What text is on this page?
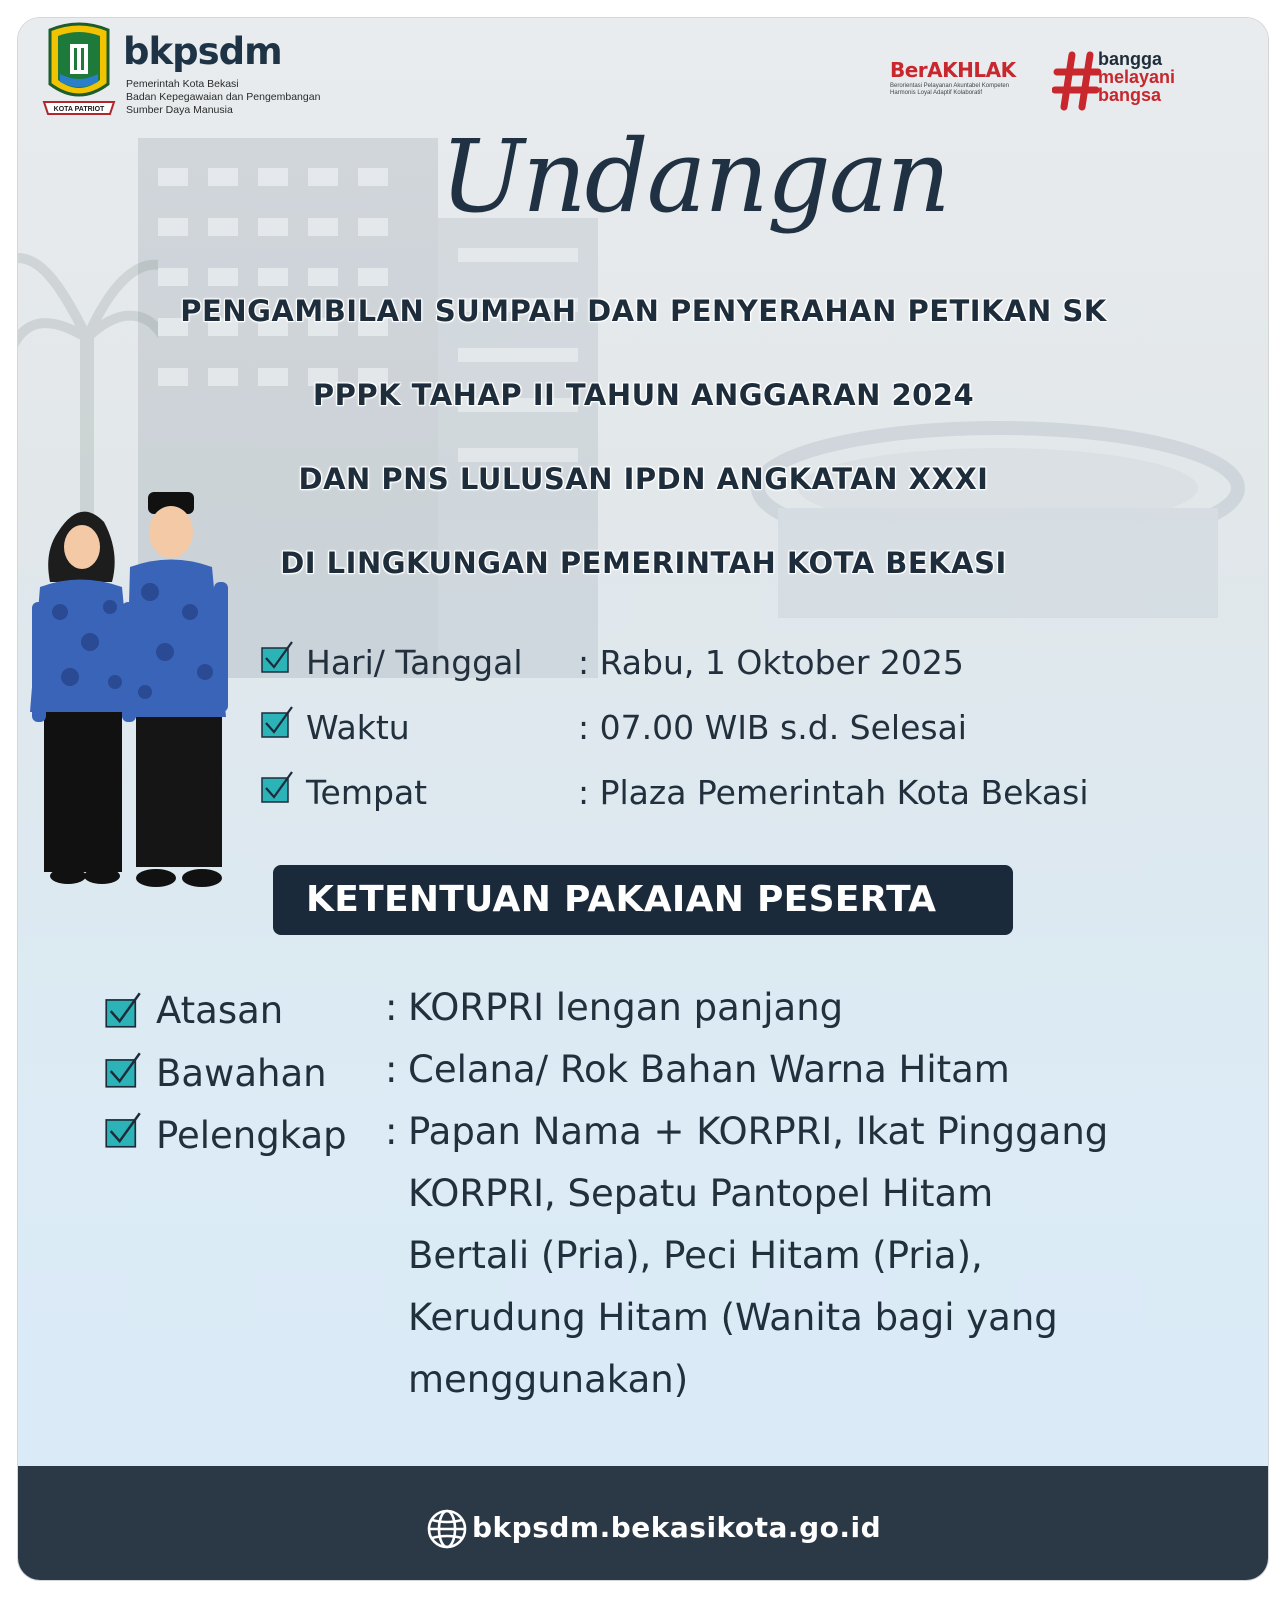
KOTA PATRIOT
bkpsdm
Pemerintah Kota Bekasi
Badan Kepegawaian dan Pengembangan
Sumber Daya Manusia
BerAKHLAK
Berorientasi Pelayanan Akuntabel Kompeten
Harmonis Loyal Adaptif Kolaboratif
bangga
melayani
bangsa
Undangan
PENGAMBILAN SUMPAH DAN PENYERAHAN PETIKAN SK
PPPK TAHAP II TAHUN ANGGARAN 2024
DAN PNS LULUSAN IPDN ANGKATAN XXXI
DI LINGKUNGAN PEMERINTAH KOTA BEKASI
Hari/ Tanggal : Rabu, 1 Oktober 2025
Waktu	: 07.00 WIB s.d. Selesai
Tempat	: Plaza Pemerintah Kota Bekasi
KETENTUAN PAKAIAN PESERTA
Atasan	: KORPRI lengan panjang
Bawahan : Celana/ Rok Bahan Warna Hitam
Pelengkap : Papan Nama + KORPRI, Ikat Pinggang
KORPRI, Sepatu Pantopel Hitam
Bertali (Pria), Peci Hitam (Pria),
Kerudung Hitam (Wanita bagi yang
menggunakan)
bkpsdm.bekasikota.go.id
